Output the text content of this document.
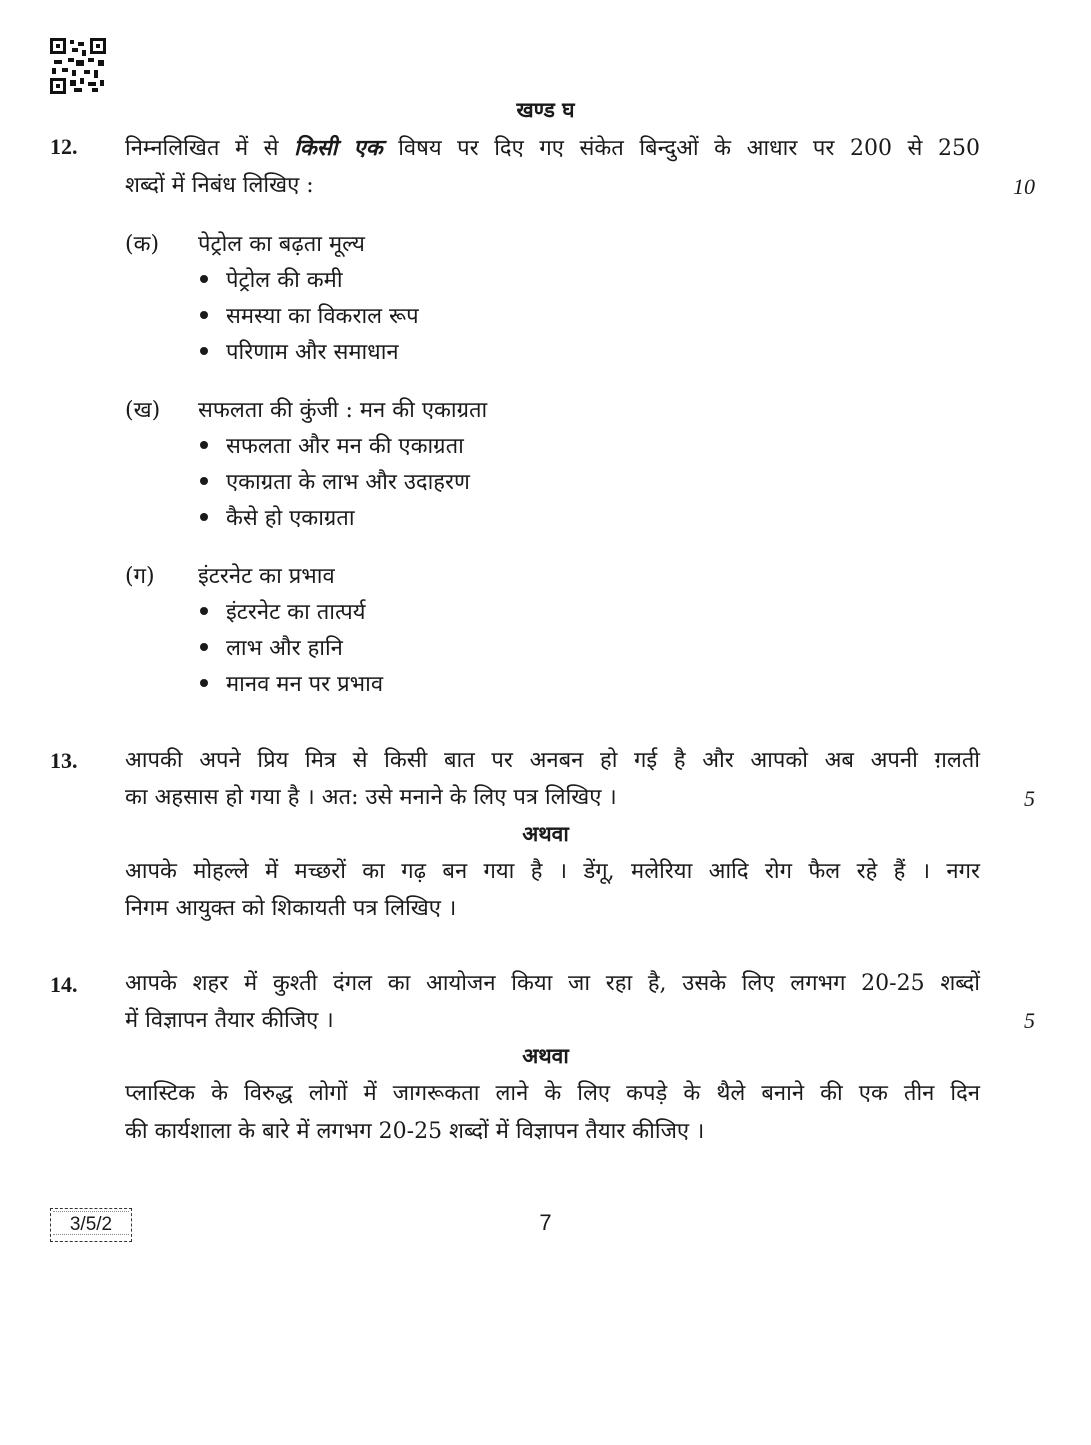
खण्ड घ
12. निम्नलिखित में से किसी एक विषय पर दिए गए संकेत बिन्दुओं के आधार पर 200 से 250
शब्दों में निबंध लिखिए :	10
(क) पेट्रोल का बढ़ता मूल्य
पेट्रोल की कमी
समस्या का विकराल रूप
परिणाम और समाधान
(ख) सफलता की कुंजी : मन की एकाग्रता
सफलता और मन की एकाग्रता
एकाग्रता के लाभ और उदाहरण
कैसे हो एकाग्रता
(ग) इंटरनेट का प्रभाव
इंटरनेट का तात्पर्य
लाभ और हानि
मानव मन पर प्रभाव
13. आपकी अपने प्रिय मित्र से किसी बात पर अनबन हो गई है और आपको अब अपनी ग़लती
का अहसास हो गया है । अत: उसे मनाने के लिए पत्र लिखिए ।	5
अथवा
आपके मोहल्ले में मच्छरों का गढ़ बन गया है । डेंगू, मलेरिया आदि रोग फैल रहे हैं । नगर
निगम आयुक्त को शिकायती पत्र लिखिए ।
14. आपके शहर में कुश्ती दंगल का आयोजन किया जा रहा है, उसके लिए लगभग 20-25 शब्दों
में विज्ञापन तैयार कीजिए ।	5
अथवा
प्लास्टिक के विरुद्ध लोगों में जागरूकता लाने के लिए कपड़े के थैले बनाने की एक तीन दिन
की कार्यशाला के बारे में लगभग 20-25 शब्दों में विज्ञापन तैयार कीजिए ।
3/5/2	7
